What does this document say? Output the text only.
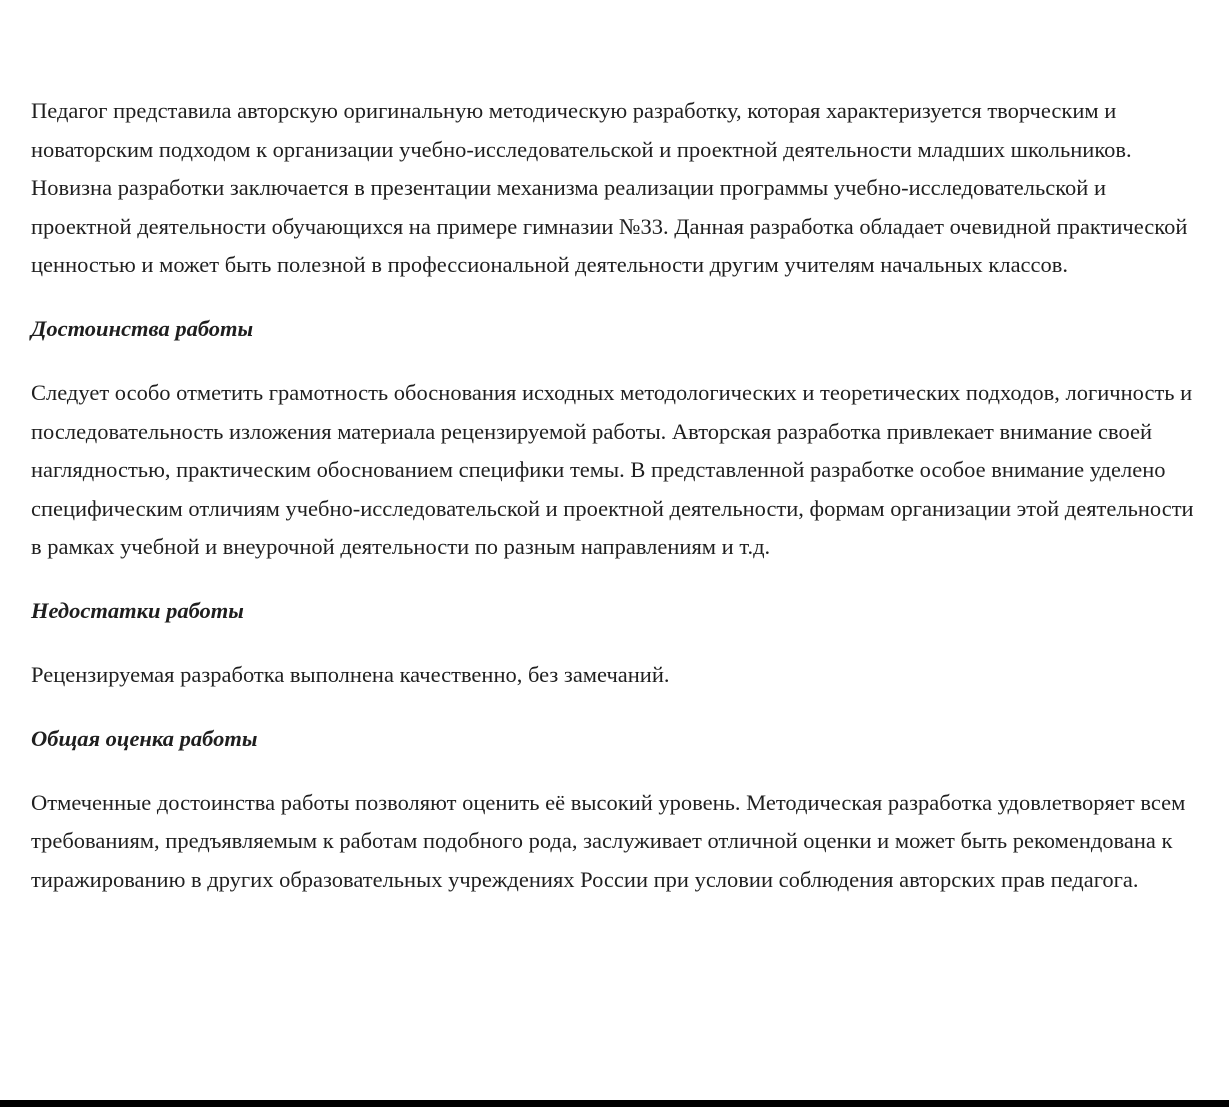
Педагог представила авторскую оригинальную методическую разработку, которая характеризуется творческим и новаторским подходом к организации учебно-исследовательской и проектной деятельности младших школьников. Новизна разработки заключается в презентации механизма реализации программы учебно-исследовательской и проектной деятельности обучающихся на примере гимназии №33. Данная разработка обладает очевидной практической ценностью и может быть полезной в профессиональной деятельности другим учителям начальных классов.

Достоинства работы

Следует особо отметить грамотность обоснования исходных методологических и теоретических подходов, логичность и последовательность изложения материала рецензируемой работы. Авторская разработка привлекает внимание своей наглядностью, практическим обоснованием специфики темы. В представленной разработке особое внимание уделено специфическим отличиям учебно-исследовательской и проектной деятельности, формам организации этой деятельности в рамках учебной и внеурочной деятельности по разным направлениям и т.д.

Недостатки работы

Рецензируемая разработка выполнена качественно, без замечаний.

Общая оценка работы

Отмеченные достоинства работы позволяют оценить её высокий уровень. Методическая разработка удовлетворяет всем требованиям, предъявляемым к работам подобного рода, заслуживает отличной оценки и может быть рекомендована к тиражированию в других образовательных учреждениях России при условии соблюдения авторских прав педагога.
